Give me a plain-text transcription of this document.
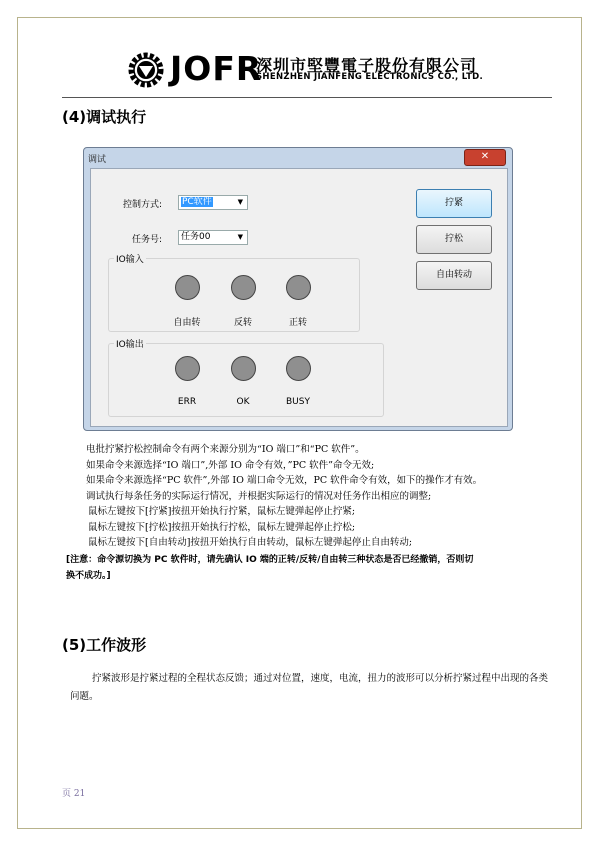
JOFR
深圳市堅豐電子股份有限公司
SHENZHEN JIANFENG ELECTRONICS CO., LTD.
(4)调试执行
调试	✕
控制方式:	PC软件	▼
任务号:	任务00	▼
IO输入
自由转	反转	正转
IO输出
ERR	OK	BUSY
拧紧
拧松
自由转动

电批拧紧拧松控制命令有两个来源分别为“IO 端口”和“PC 软件”。

如果命令来源选择“IO 端口”,外部 IO 命令有效，”PC 软件”命令无效;

如果命令来源选择“PC 软件”,外部 IO 端口命令无效，PC 软件命令有效，如下的操作才有效。

调试执行每条任务的实际运行情况，并根据实际运行的情况对任务作出相应的调整;

鼠标左键按下[拧紧]按扭开始执行拧紧，鼠标左键弹起停止拧紧;

鼠标左键按下[拧松]按扭开始执行拧松，鼠标左键弹起停止拧松;

鼠标左键按下[自由转动]按扭开始执行自由转动，鼠标左键弹起停止自由转动;

[注意：命令源切换为 PC 软件时，请先确认 IO 端的正转/反转/自由转三种状态是否已经撤销，否则切
换不成功。]
(5)工作波形
拧紧波形是拧紧过程的全程状态反馈；通过对位置，速度，电流，扭力的波形可以分析拧紧过程中出现的各类问题。
页 21
